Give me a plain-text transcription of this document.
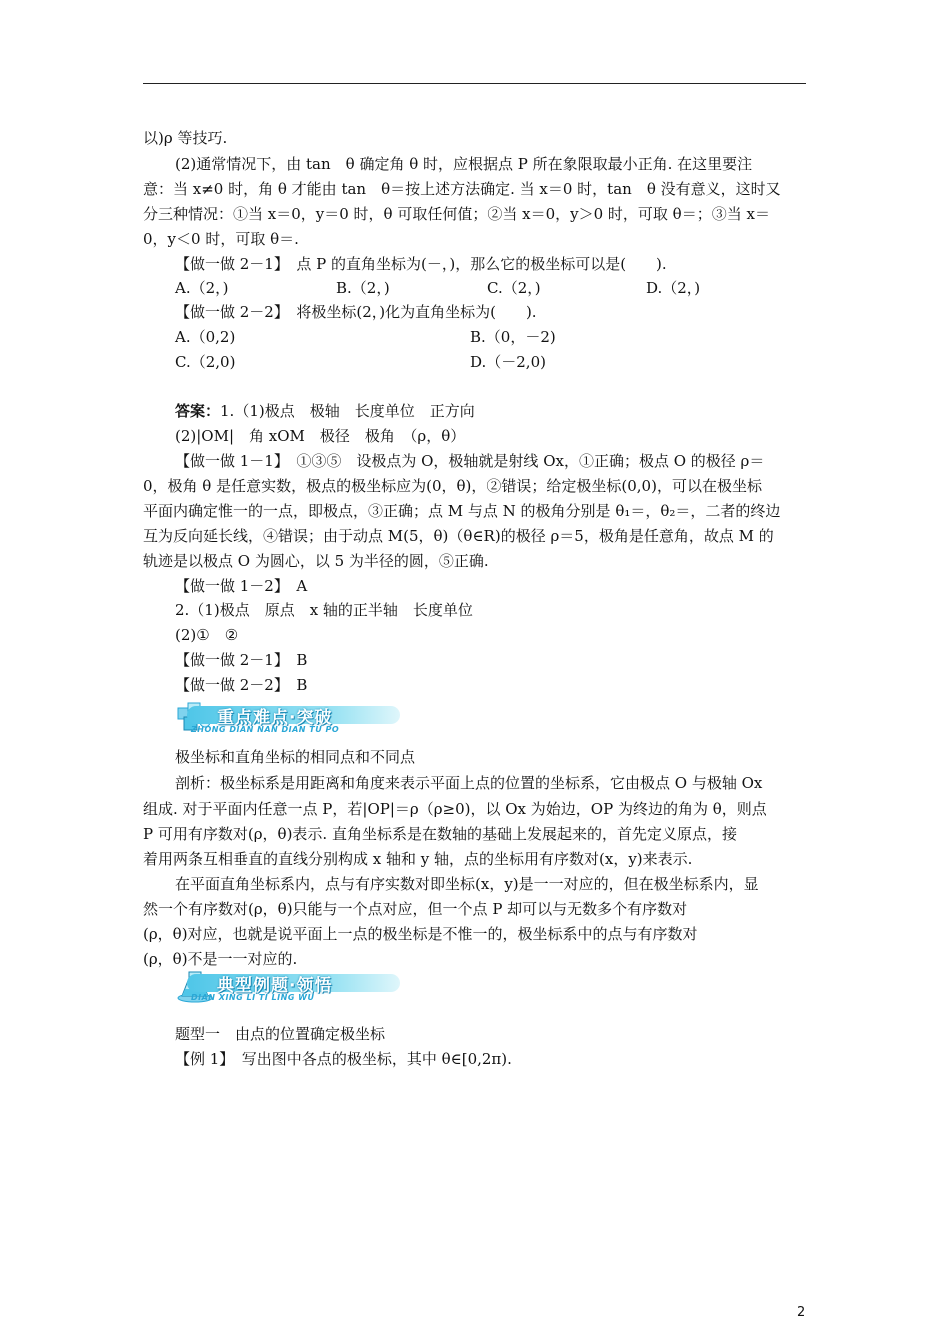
以)ρ 等技巧.
(2)通常情况下，由 tan　θ 确定角 θ 时，应根据点 P 所在象限取最小正角. 在这里要注
意：当 x≠0 时，角 θ 才能由 tan　θ＝按上述方法确定. 当 x＝0 时，tan　θ 没有意义，这时又
分三种情况：①当 x＝0，y＝0 时，θ 可取任何值；②当 x＝0，y＞0 时，可取 θ＝；③当 x＝
0，y＜0 时，可取 θ＝.
【做一做 2－1】　点 P 的直角坐标为(－，)，那么它的极坐标可以是(　　).
A.（2，)	B.（2，)	C.（2，)	D.（2，)
【做一做 2－2】　将极坐标(2，)化为直角坐标为(　　).
A.（0,2)	B.（0，－2)
C.（2,0)	D.（－2,0)
答案：1.（1)极点　极轴　长度单位　正方向
(2)|OM|　角 xOM　极径　极角　（ρ，θ）
【做一做 1－1】　①③⑤　设极点为 O，极轴就是射线 Ox，①正确；极点 O 的极径 ρ＝
0，极角 θ 是任意实数，极点的极坐标应为(0，θ)，②错误；给定极坐标(0,0)，可以在极坐标
平面内确定惟一的一点，即极点，③正确；点 M 与点 N 的极角分别是 θ₁＝，θ₂＝，二者的终边
互为反向延长线，④错误；由于动点 M(5，θ)（θ∈R)的极径 ρ＝5，极角是任意角，故点 M 的
轨迹是以极点 O 为圆心，以 5 为半径的圆，⑤正确.
【做一做 1－2】　A
2.（1)极点　原点　x 轴的正半轴　长度单位
(2)①　②
【做一做 2－1】　B
【做一做 2－2】　B
重点难点·突破
ZHONG DIAN NAN DIAN TU PO
极坐标和直角坐标的相同点和不同点
剖析：极坐标系是用距离和角度来表示平面上点的位置的坐标系，它由极点 O 与极轴 Ox
组成. 对于平面内任意一点 P，若|OP|＝ρ（ρ≥0)，以 Ox 为始边，OP 为终边的角为 θ，则点
P 可用有序数对(ρ，θ)表示. 直角坐标系是在数轴的基础上发展起来的，首先定义原点，接
着用两条互相垂直的直线分别构成 x 轴和 y 轴，点的坐标用有序数对(x，y)来表示.
在平面直角坐标系内，点与有序实数对即坐标(x，y)是一一对应的，但在极坐标系内，显
然一个有序数对(ρ，θ)只能与一个点对应，但一个点 P 却可以与无数多个有序数对
(ρ，θ)对应，也就是说平面上一点的极坐标是不惟一的，极坐标系中的点与有序数对
(ρ，θ)不是一一对应的.
典型例题·领悟
DIAN XING LI TI LING WU
题型一　由点的位置确定极坐标
【例 1】　写出图中各点的极坐标，其中 θ∈[0,2π).
2
